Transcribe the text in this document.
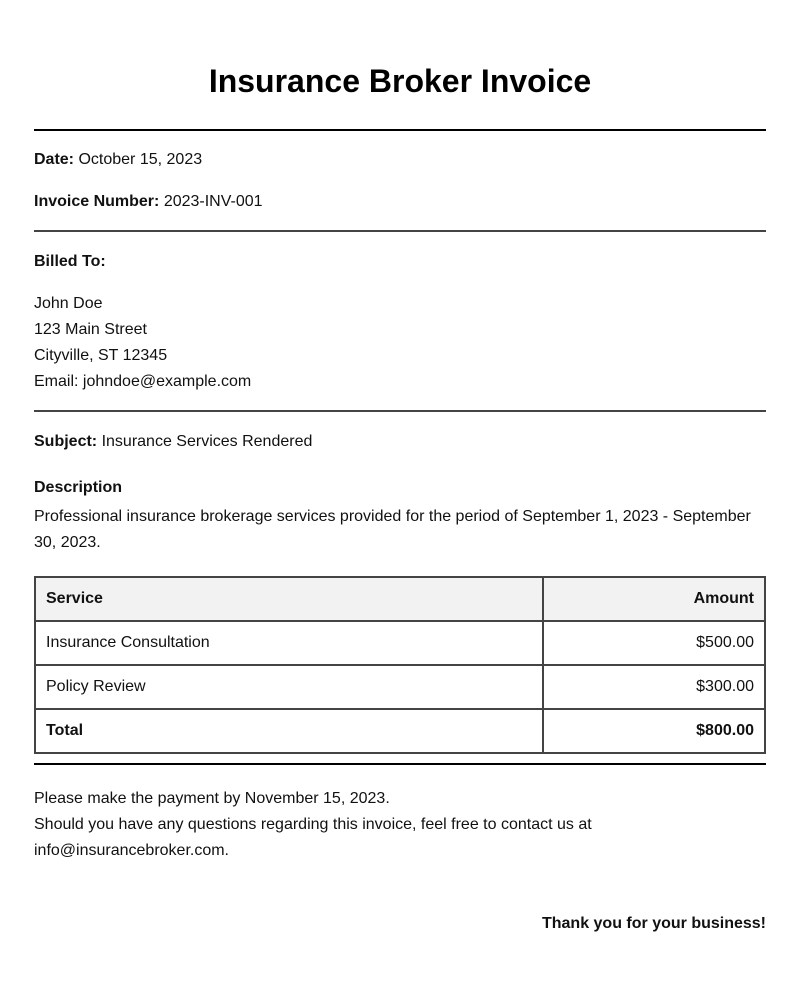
Insurance Broker Invoice

Date: October 15, 2023

Invoice Number: 2023-INV-001

Billed To:

John Doe
123 Main Street
Cityville, ST 12345
Email: johndoe@example.com

Subject: Insurance Services Rendered

Description

Professional insurance brokerage services provided for the period of September 1, 2023 - September 30, 2023.

Service	Amount
Insurance Consultation	$500.00
Policy Review	$300.00
Total	$800.00
Please make the payment by November 15, 2023.
Should you have any questions regarding this invoice, feel free to contact us at
info@insurancebroker.com.
Thank you for your business!
